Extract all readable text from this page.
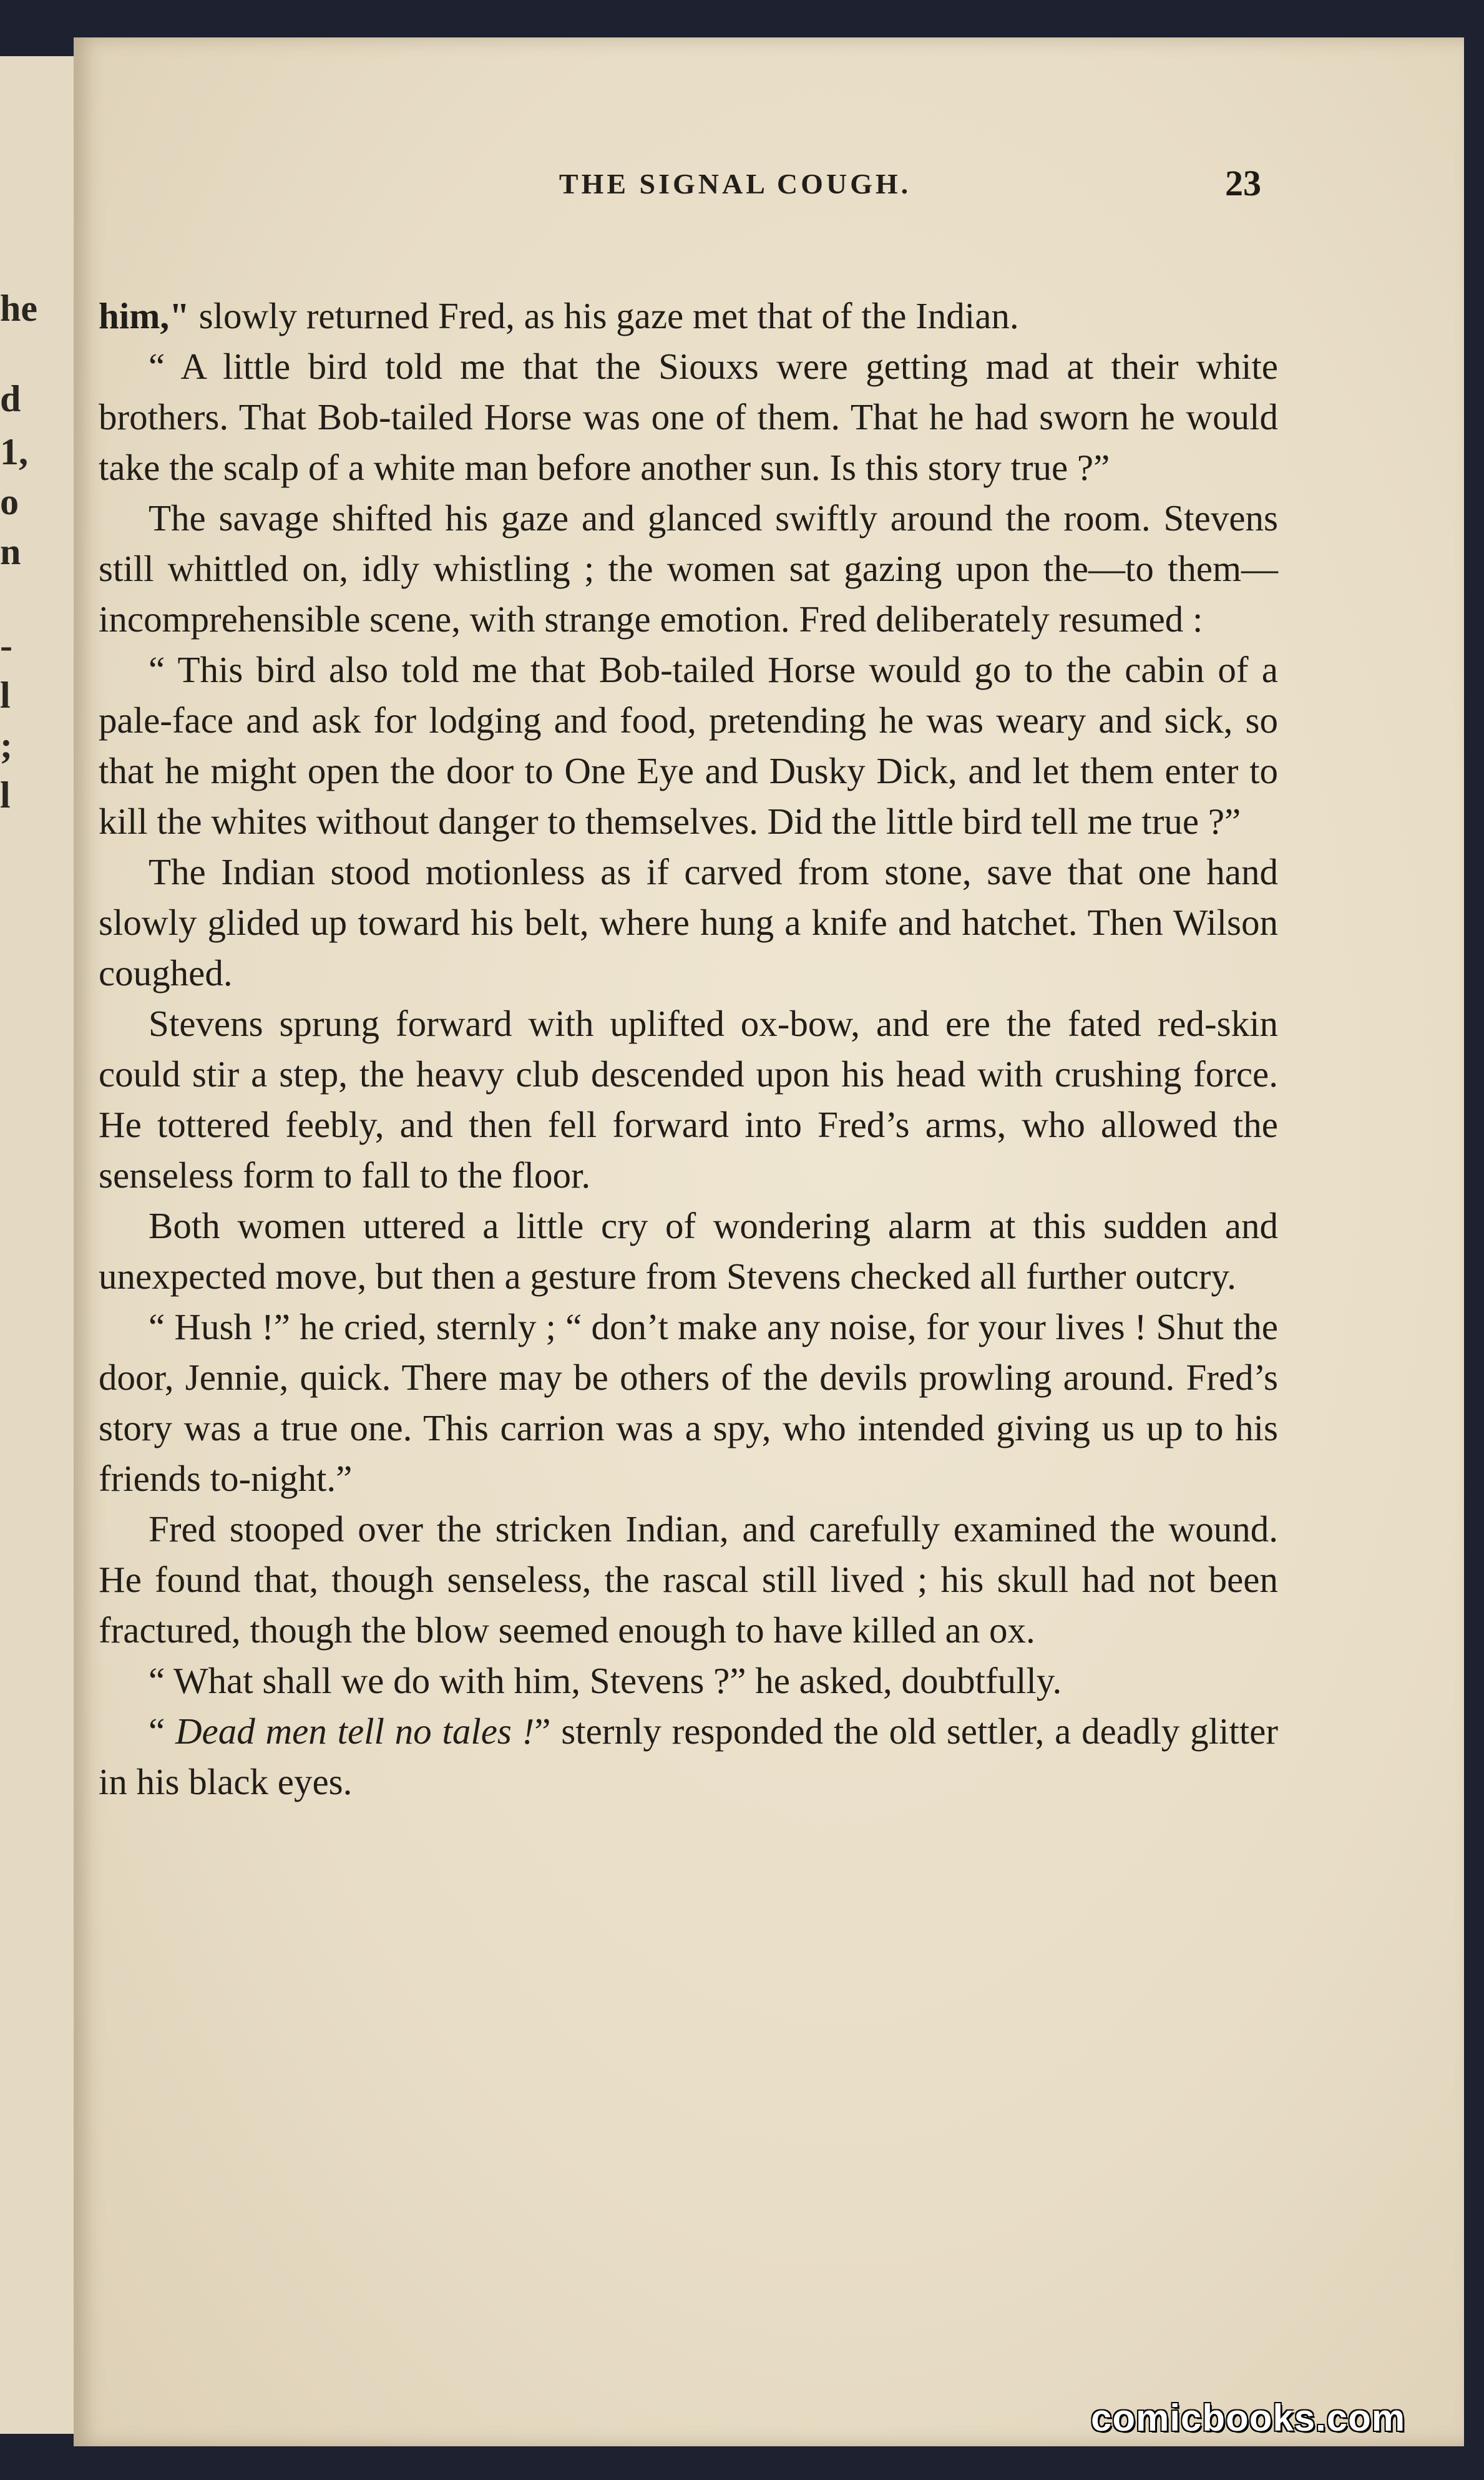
he
d
1,
o
n
-
l
;
l
THE SIGNAL COUGH.	23

him," slowly returned Fred, as his gaze met that of the Indian.

“ A little bird told me that the Siouxs were getting mad at their white brothers. That Bob-tailed Horse was one of them. That he had sworn he would take the scalp of a white man before another sun. Is this story true ?”

The savage shifted his gaze and glanced swiftly around the room. Stevens still whittled on, idly whistling ; the women sat gazing upon the—to them—incomprehensible scene, with strange emotion. Fred deliberately resumed :

“ This bird also told me that Bob-tailed Horse would go to the cabin of a pale-face and ask for lodging and food, pretending he was weary and sick, so that he might open the door to One Eye and Dusky Dick, and let them enter to kill the whites without danger to themselves. Did the little bird tell me true ?”

The Indian stood motionless as if carved from stone, save that one hand slowly glided up toward his belt, where hung a knife and hatchet. Then Wilson coughed.

Stevens sprung forward with uplifted ox-bow, and ere the fated red-skin could stir a step, the heavy club descended upon his head with crushing force. He tottered feebly, and then fell forward into Fred’s arms, who allowed the senseless form to fall to the floor.

Both women uttered a little cry of wondering alarm at this sudden and unexpected move, but then a gesture from Stevens checked all further outcry.

“ Hush !” he cried, sternly ; “ don’t make any noise, for your lives ! Shut the door, Jennie, quick. There may be others of the devils prowling around. Fred’s story was a true one. This carrion was a spy, who intended giving us up to his friends to-night.”

Fred stooped over the stricken Indian, and carefully examined the wound. He found that, though senseless, the rascal still lived ; his skull had not been fractured, though the blow seemed enough to have killed an ox.

“ What shall we do with him, Stevens ?” he asked, doubtfully.

“ Dead men tell no tales !” sternly responded the old settler, a deadly glitter in his black eyes.

comicbooks.com
